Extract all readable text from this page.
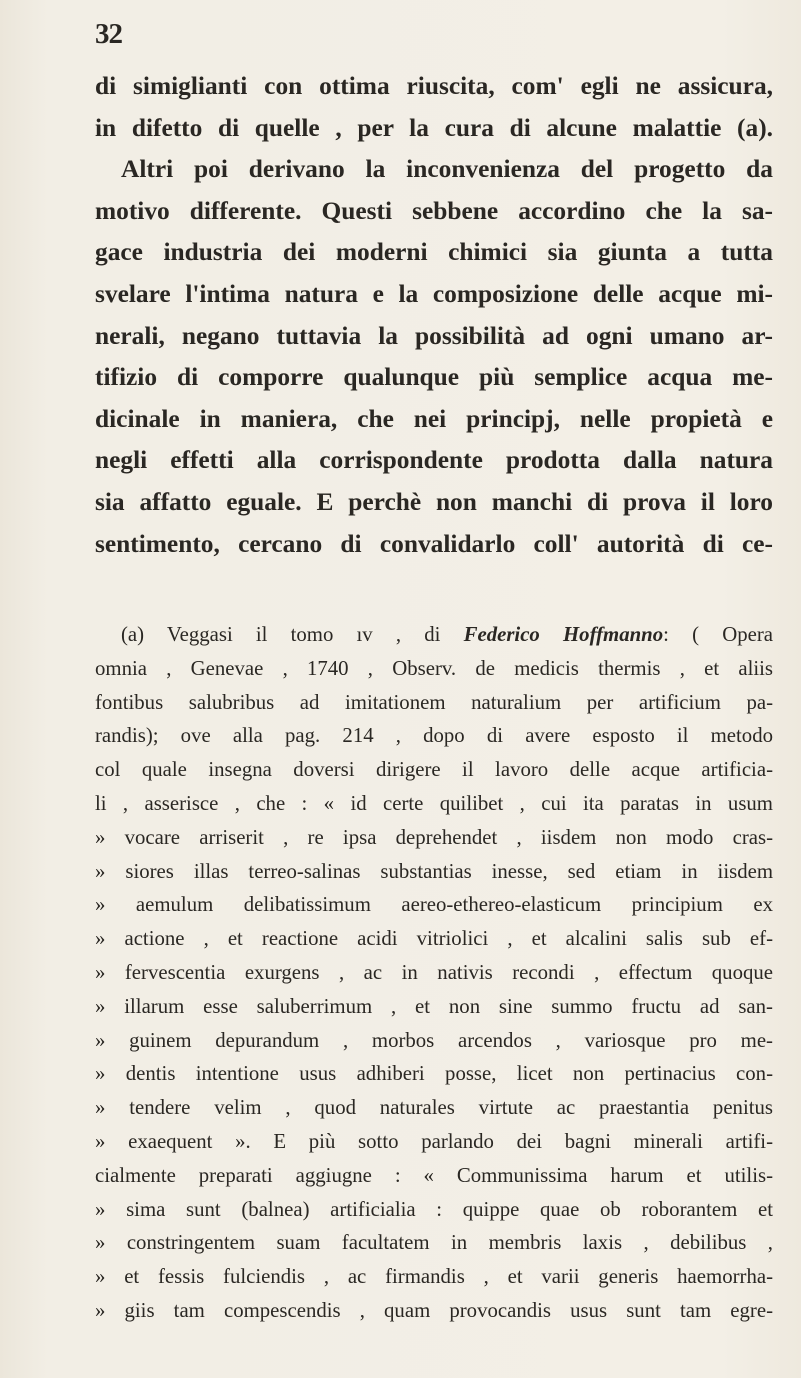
32
di simiglianti con ottima riuscita, com' egli ne assicura,
in difetto di quelle , per la cura di alcune malattie (a).
Altri poi derivano la inconvenienza del progetto da
motivo differente. Questi sebbene accordino che la sa-
gace industria dei moderni chimici sia giunta a tutta
svelare l'intima natura e la composizione delle acque mi-
nerali, negano tuttavia la possibilità ad ogni umano ar-
tifizio di comporre qualunque più semplice acqua me-
dicinale in maniera, che nei principj, nelle propietà e
negli effetti alla corrispondente prodotta dalla natura
sia affatto eguale. E perchè non manchi di prova il loro
sentimento, cercano di convalidarlo coll' autorità di ce-
(a) Veggasi il tomo ıv , di Federico Hoffmanno: ( Opera
omnia , Genevae , 1740 , Observ. de medicis thermis , et aliis
fontibus salubribus ad imitationem naturalium per artificium pa-
randis); ove alla pag. 214 , dopo di avere esposto il metodo
col quale insegna doversi dirigere il lavoro delle acque artificia-
li , asserisce , che : « id certe quilibet , cui ita paratas in usum
» vocare arriserit , re ipsa deprehendet , iisdem non modo cras-
» siores illas terreo-salinas substantias inesse, sed etiam in iisdem
» aemulum delibatissimum aereo-ethereo-elasticum principium ex
» actione , et reactione acidi vitriolici , et alcalini salis sub ef-
» fervescentia exurgens , ac in nativis recondi , effectum quoque
» illarum esse saluberrimum , et non sine summo fructu ad san-
» guinem depurandum , morbos arcendos , variosque pro me-
» dentis intentione usus adhiberi posse, licet non pertinacius con-
» tendere velim , quod naturales virtute ac praestantia penitus
» exaequent ». E più sotto parlando dei bagni minerali artifi-
cialmente preparati aggiugne : « Communissima harum et utilis-
» sima sunt (balnea) artificialia : quippe quae ob roborantem et
» constringentem suam facultatem in membris laxis , debilibus ,
» et fessis fulciendis , ac firmandis , et varii generis haemorrha-
» giis tam compescendis , quam provocandis usus sunt tam egre-
